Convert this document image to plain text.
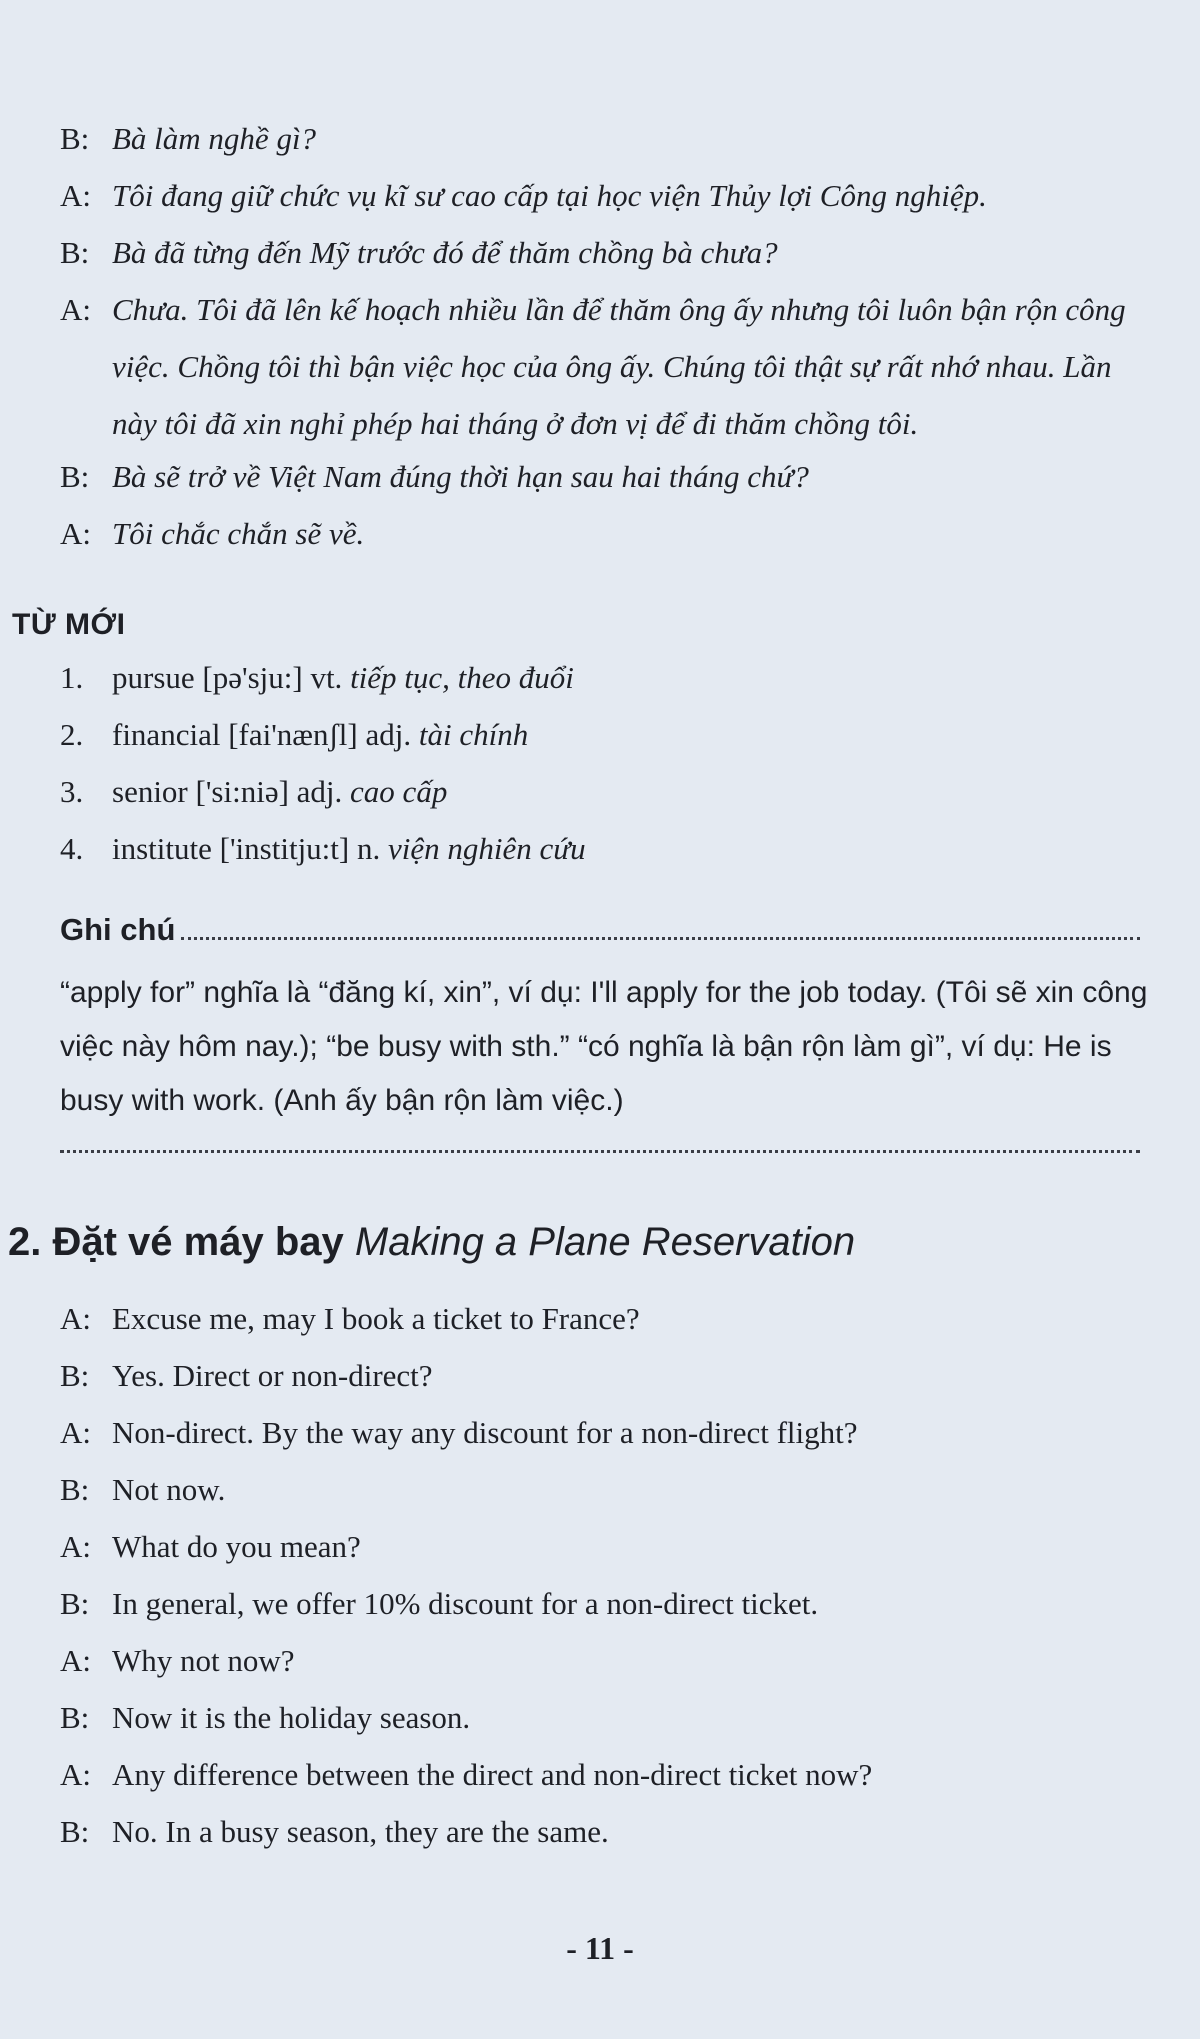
B: Bà làm nghề gì?
A: Tôi đang giữ chức vụ kĩ sư cao cấp tại học viện Thủy lợi Công nghiệp.
B: Bà đã từng đến Mỹ trước đó để thăm chồng bà chưa?
A: Chưa. Tôi đã lên kế hoạch nhiều lần để thăm ông ấy nhưng tôi luôn bận rộn công việc. Chồng tôi thì bận việc học của ông ấy. Chúng tôi thật sự rất nhớ nhau. Lần này tôi đã xin nghỉ phép hai tháng ở đơn vị để đi thăm chồng tôi.
B: Bà sẽ trở về Việt Nam đúng thời hạn sau hai tháng chứ?
A: Tôi chắc chắn sẽ về.
TỪ MỚI
1. pursue [pə'sju:] vt. tiếp tục, theo đuổi
2. financial [fai'nænʃl] adj. tài chính
3. senior ['si:niə] adj. cao cấp
4. institute ['institju:t] n. viện nghiên cứu
Ghi chú
“apply for” nghĩa là “đăng kí, xin”, ví dụ: I'll apply for the job today. (Tôi sẽ xin công việc này hôm nay.); “be busy with sth.” “có nghĩa là bận rộn làm gì”, ví dụ: He is busy with work. (Anh ấy bận rộn làm việc.)
2. Đặt vé máy bay Making a Plane Reservation
A: Excuse me, may I book a ticket to France?
B: Yes. Direct or non-direct?
A: Non-direct. By the way any discount for a non-direct flight?
B: Not now.
A: What do you mean?
B: In general, we offer 10% discount for a non-direct ticket.
A: Why not now?
B: Now it is the holiday season.
A: Any difference between the direct and non-direct ticket now?
B: No. In a busy season, they are the same.
- 11 -
